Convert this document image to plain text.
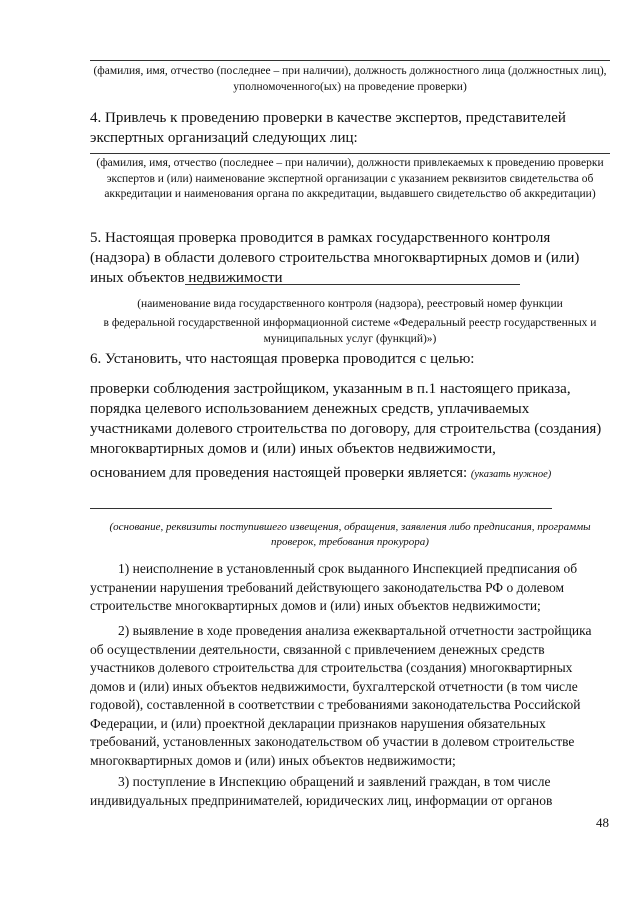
(фамилия, имя, отчество (последнее – при наличии), должность должностного лица (должностных лиц), уполномоченного(ых) на проведение проверки)
4. Привлечь к проведению проверки в качестве экспертов, представителей экспертных организаций следующих лиц:
(фамилия, имя, отчество (последнее – при наличии), должности привлекаемых к проведению проверки экспертов и (или) наименование экспертной организации с указанием реквизитов свидетельства об аккредитации и наименования органа по аккредитации, выдавшего свидетельство об аккредитации)
5. Настоящая проверка проводится в рамках государственного контроля (надзора) в области долевого строительства многоквартирных домов и (или) иных объектов недвижимости
(наименование вида государственного контроля (надзора), реестровый номер функции
в федеральной государственной информационной системе «Федеральный реестр государственных и муниципальных услуг (функций)»)
6. Установить, что настоящая проверка проводится с целью:
проверки соблюдения застройщиком, указанным в п.1 настоящего приказа, порядка целевого использованием денежных средств, уплачиваемых участниками долевого строительства по договору, для строительства (создания) многоквартирных домов и (или) иных объектов недвижимости,
основанием для проведения настоящей проверки является: (указать нужное)
(основание, реквизиты поступившего извещения, обращения, заявления либо предписания, программы проверок, требования прокурора)
1) неисполнение в установленный срок выданного Инспекцией предписания об устранении нарушения требований действующего законодательства РФ о долевом строительстве многоквартирных домов и (или) иных объектов недвижимости;
2) выявление в ходе проведения анализа ежеквартальной отчетности застройщика об осуществлении деятельности, связанной с привлечением денежных средств участников долевого строительства для строительства (создания) многоквартирных домов и (или) иных объектов недвижимости, бухгалтерской отчетности (в том числе годовой), составленной в соответствии с требованиями законодательства Российской Федерации, и (или) проектной декларации признаков нарушения обязательных требований, установленных законодательством об участии в долевом строительстве многоквартирных домов и (или) иных объектов недвижимости;
3) поступление в Инспекцию обращений и заявлений граждан, в том числе индивидуальных предпринимателей, юридических лиц, информации от органов
48
